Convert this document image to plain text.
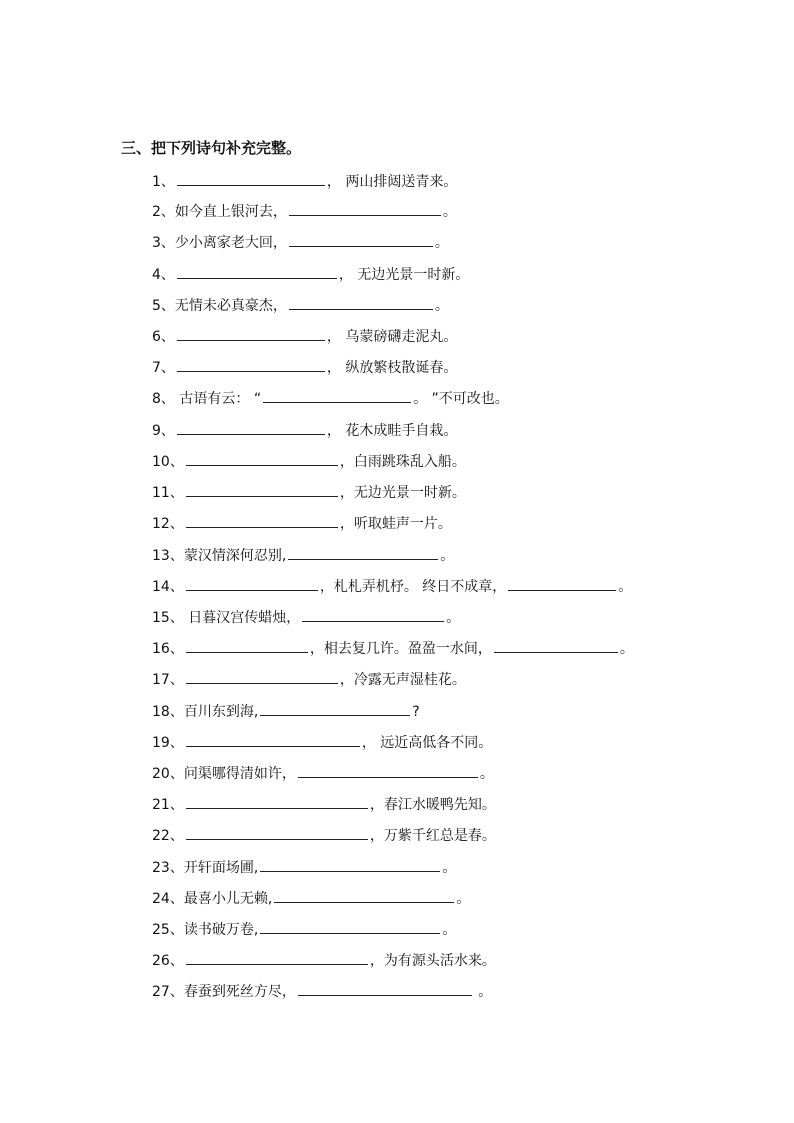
三、把下列诗句补充完整。
1、	， 两山排闼送青来。
2、如今直上银河去，	。
3、少小离家老大回，	。
4、	， 无边光景一时新。
5、无情未必真豪杰，	。
6、	， 乌蒙磅礴走泥丸。
7、	， 纵放繁枝散诞春。
8、 古语有云： “	。 ”不可改也。
9、	， 花木成畦手自栽。
10、	，白雨跳珠乱入船。
11、	，无边光景一时新。
12、	，听取蛙声一片。
13、蒙汉情深何忍别,	。
14、	，札札弄机杼。 终日不成章，	。
15、 日暮汉宫传蜡烛，	。
16、	，相去复几许。盈盈一水间，	。
17、	，冷露无声湿桂花。
18、百川东到海,	?
19、	， 远近高低各不同。
20、问渠哪得清如许，	。
21、	，春江水暖鸭先知。
22、	，万紫千红总是春。
23、开轩面场圃,	。
24、最喜小儿无赖,	。
25、读书破万卷,	。
26、	，为有源头活水来。
27、春蚕到死丝方尽，	。
